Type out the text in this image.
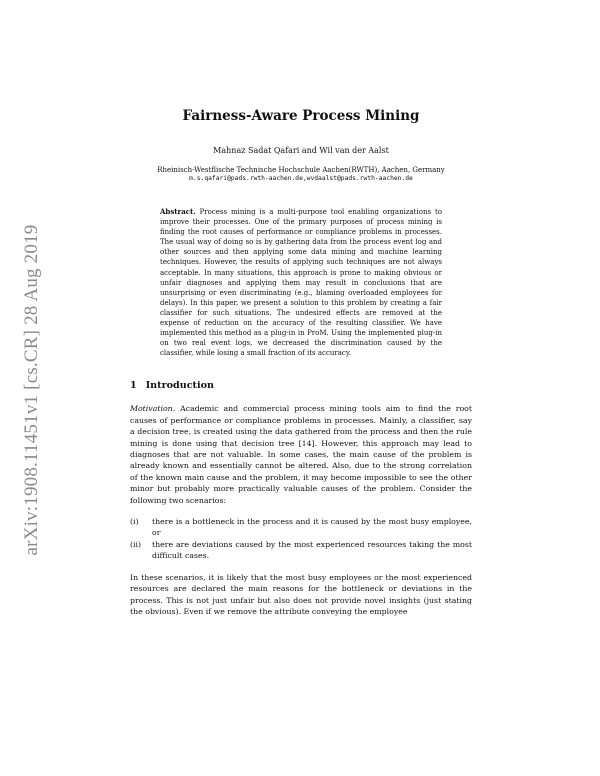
arXiv:1908.11451v1 [cs.CR] 28 Aug 2019
Fairness-Aware Process Mining
Mahnaz Sadat Qafari and Wil van der Aalst
Rheinisch-Westflische Technische Hochschule Aachen(RWTH), Aachen, Germany
m.s.qafari@pads.rwth-aachen.de,wvdaalst@pads.rwth-aachen.de
Abstract. Process mining is a multi-purpose tool enabling organizations to improve their processes. One of the primary purposes of process mining is finding the root causes of performance or compliance problems in processes. The usual way of doing so is by gathering data from the process event log and other sources and then applying some data mining and machine learning techniques. However, the results of applying such techniques are not always acceptable. In many situations, this approach is prone to making obvious or unfair diagnoses and applying them may result in conclusions that are unsurprising or even discriminating (e.g., blaming overloaded employees for delays). In this paper, we present a solution to this problem by creating a fair classifier for such situations. The undesired effects are removed at the expense of reduction on the accuracy of the resulting classifier. We have implemented this method as a plug-in in ProM. Using the implemented plug-in on two real event logs, we decreased the discrimination caused by the classifier, while losing a small fraction of its accuracy.
1 Introduction

Motivation. Academic and commercial process mining tools aim to find the root causes of performance or compliance problems in processes. Mainly, a classifier, say a decision tree, is created using the data gathered from the process and then the rule mining is done using that decision tree [14]. However, this approach may lead to diagnoses that are not valuable. In some cases, the main cause of the problem is already known and essentially cannot be altered. Also, due to the strong correlation of the known main cause and the problem, it may become impossible to see the other minor but probably more practically valuable causes of the problem. Consider the following two scenarios:

(i)	there is a bottleneck in the process and it is caused by the most busy employee, or
(ii)	there are deviations caused by the most experienced resources taking the most difficult cases.

In these scenarios, it is likely that the most busy employees or the most experienced resources are declared the main reasons for the bottleneck or deviations in the process. This is not just unfair but also does not provide novel insights (just stating the obvious). Even if we remove the attribute conveying the employee
